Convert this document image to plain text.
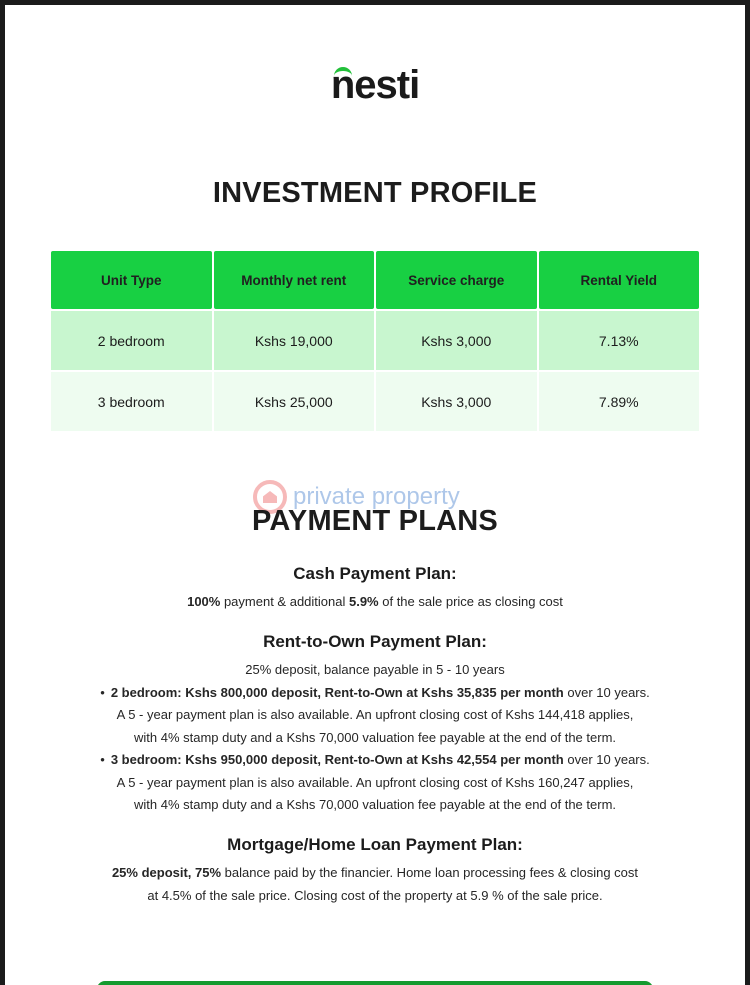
nesti
INVESTMENT PROFILE
Unit Type	Monthly net rent	Service charge	Rental Yield
2 bedroom	Kshs 19,000	Kshs 3,000	7.13%
3 bedroom	Kshs 25,000	Kshs 3,000	7.89%
private property
PAYMENT PLANS
Cash Payment Plan:
100% payment & additional 5.9% of the sale price as closing cost
Rent-to-Own Payment Plan:
25% deposit, balance payable in 5 - 10 years
• 2 bedroom: Kshs 800,000 deposit, Rent-to-Own at Kshs 35,835 per month over 10 years.
A 5 - year payment plan is also available. An upfront closing cost of Kshs 144,418 applies,
with 4% stamp duty and a Kshs 70,000 valuation fee payable at the end of the term.
• 3 bedroom: Kshs 950,000 deposit, Rent-to-Own at Kshs 42,554 per month over 10 years.
A 5 - year payment plan is also available. An upfront closing cost of Kshs 160,247 applies,
with 4% stamp duty and a Kshs 70,000 valuation fee payable at the end of the term.
Mortgage/Home Loan Payment Plan:
25% deposit, 75% balance paid by the financier. Home loan processing fees & closing cost
at 4.5% of the sale price. Closing cost of the property at 5.9 % of the sale price.
